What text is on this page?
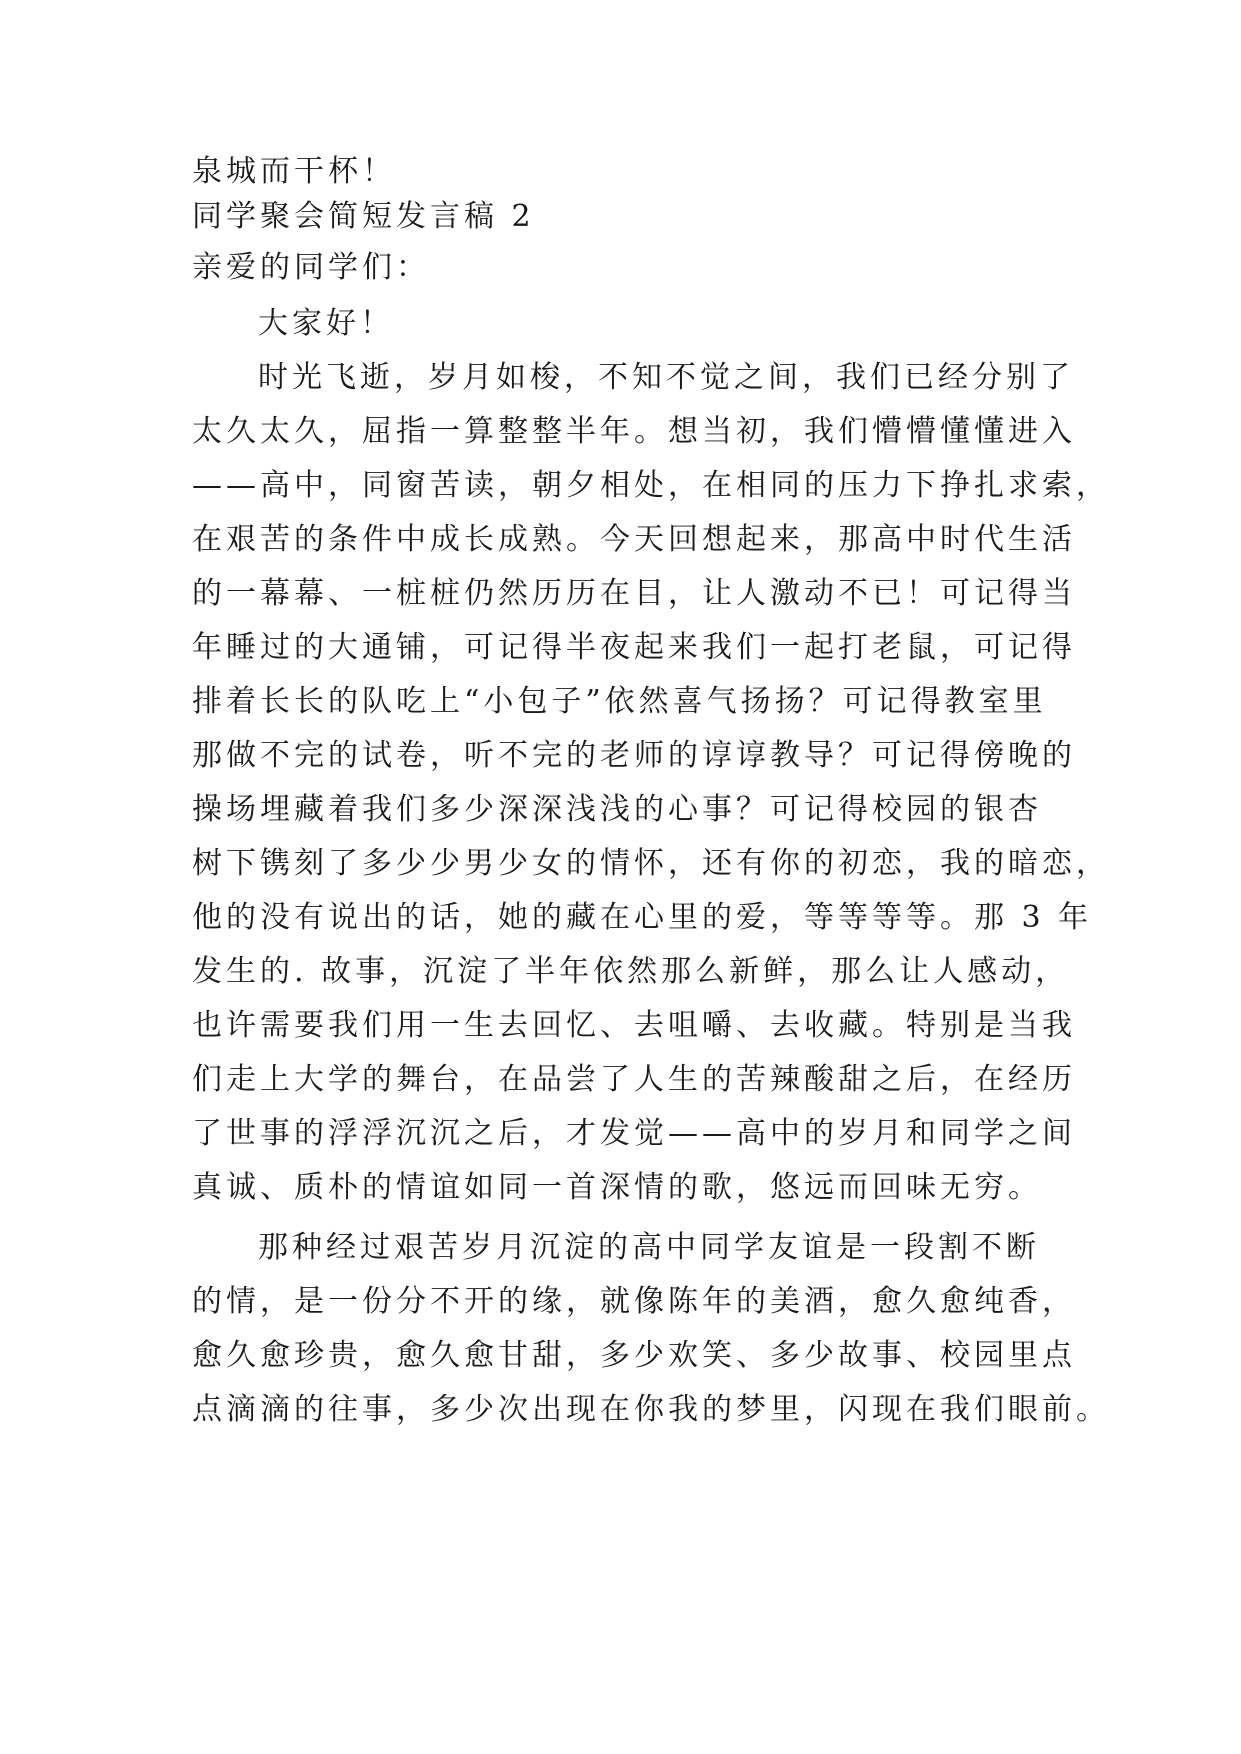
泉城而干杯！
同学聚会简短发言稿 2
亲爱的同学们：
大家好！
时光飞逝，岁月如梭，不知不觉之间，我们已经分别了
太久太久，屈指一算整整半年。想当初，我们懵懵懂懂进入
——高中，同窗苦读，朝夕相处，在相同的压力下挣扎求索，
在艰苦的条件中成长成熟。今天回想起来，那高中时代生活
的一幕幕、一桩桩仍然历历在目，让人激动不已！可记得当
年睡过的大通铺，可记得半夜起来我们一起打老鼠，可记得
排着长长的队吃上“小包子”依然喜气扬扬？可记得教室里
那做不完的试卷，听不完的老师的谆谆教导？可记得傍晚的
操场埋藏着我们多少深深浅浅的心事？可记得校园的银杏
树下镌刻了多少少男少女的情怀，还有你的初恋，我的暗恋，
他的没有说出的话，她的藏在心里的爱，等等等等。那 3 年
发生的. 故事，沉淀了半年依然那么新鲜，那么让人感动，
也许需要我们用一生去回忆、去咀嚼、去收藏。特别是当我
们走上大学的舞台，在品尝了人生的苦辣酸甜之后，在经历
了世事的浮浮沉沉之后，才发觉——高中的岁月和同学之间
真诚、质朴的情谊如同一首深情的歌，悠远而回味无穷。
那种经过艰苦岁月沉淀的高中同学友谊是一段割不断
的情，是一份分不开的缘，就像陈年的美酒，愈久愈纯香，
愈久愈珍贵，愈久愈甘甜，多少欢笑、多少故事、校园里点
点滴滴的往事，多少次出现在你我的梦里，闪现在我们眼前。
